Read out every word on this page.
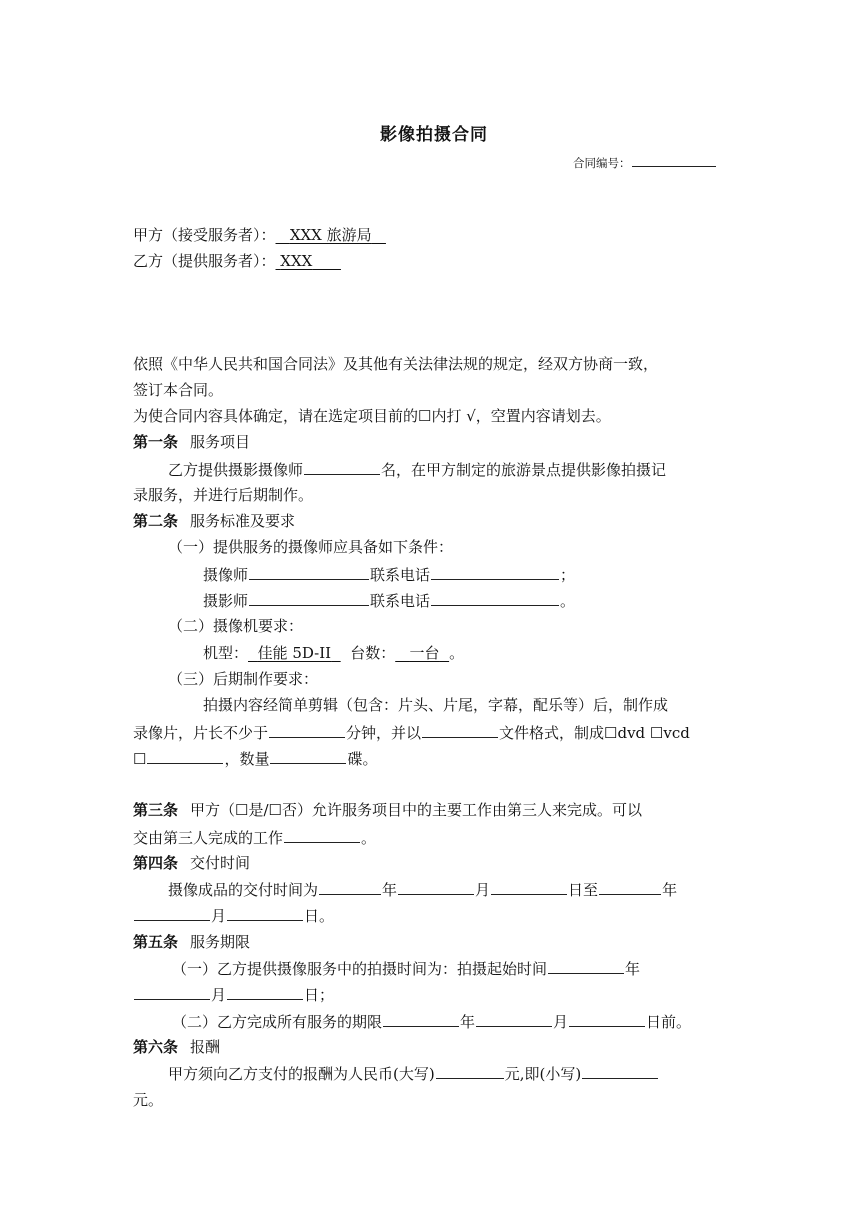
影像拍摄合同
合同编号：
甲方（接受服务者）： XXX 旅游局
乙方（提供服务者）： XXX
依照《中华人民共和国合同法》及其他有关法律法规的规定，经双方协商一致，
签订本合同。
为使合同内容具体确定，请在选定项目前的☐内打 √，空置内容请划去。
第一条 服务项目
乙方提供摄影摄像师	名，在甲方制定的旅游景点提供影像拍摄记
录服务，并进行后期制作。
第二条 服务标准及要求
（一）提供服务的摄像师应具备如下条件：
摄像师	联系电话	；
摄影师	联系电话	。
（二）摄像机要求：
机型： 佳能 5D-II 台数： 一台 。
（三）后期制作要求：
拍摄内容经简单剪辑（包含：片头、片尾，字幕，配乐等）后，制作成
录像片，片长不少于	分钟，并以	文件格式，制成☐dvd ☐vcd
☐	，数量	碟。
第三条 甲方（☐是/☐否）允许服务项目中的主要工作由第三人来完成。可以
交由第三人完成的工作	。
第四条 交付时间
摄像成品的交付时间为	年	月	日至	年
月	日。
第五条 服务期限
（一）乙方提供摄像服务中的拍摄时间为：拍摄起始时间	年
月	日；
（二）乙方完成所有服务的期限	年	月	日前。
第六条 报酬
甲方须向乙方支付的报酬为人民币(大写)	元,即(小写)
元。
